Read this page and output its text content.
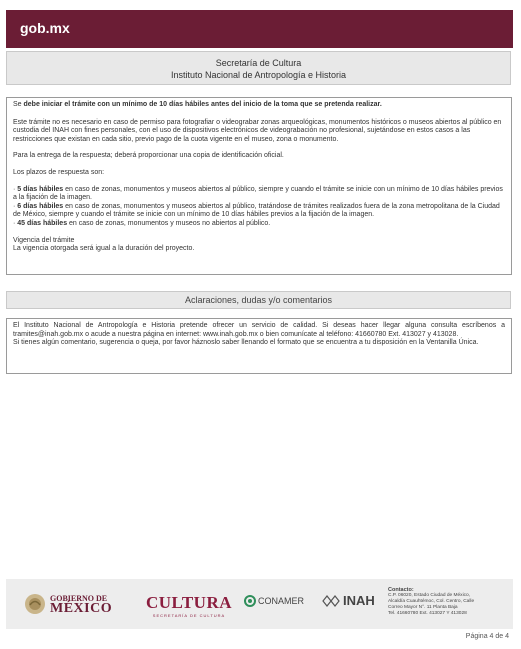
gob.mx
Secretaría de Cultura
Instituto Nacional de Antropología e Historia

Se debe iniciar el trámite con un mínimo de 10 días hábiles antes del inicio de la toma que se pretenda realizar.

Este trámite no es necesario en caso de permiso para fotografiar o videograbar zonas arqueológicas, monumentos históricos o museos abiertos al público en custodia del INAH con fines personales, con el uso de dispositivos electrónicos de videograbación no profesional, sujetándose en estos casos a las restricciones que existan en cada sitio, previo pago de la cuota vigente en el museo, zona o monumento.

Para la entrega de la respuesta; deberá proporcionar una copia de identificación oficial.

Los plazos de respuesta son:

· 5 días hábiles en caso de zonas, monumentos y museos abiertos al público, siempre y cuando el trámite se inicie con un mínimo de 10 días hábiles previos a la fijación de la imagen.
· 6 días hábiles en caso de zonas, monumentos y museos abiertos al público, tratándose de trámites realizados fuera de la zona metropolitana de la Ciudad de México, siempre y cuando el trámite se inicie con un mínimo de 10 días hábiles previos a la fijación de la imagen.
· 45 días hábiles en caso de zonas, monumentos y museos no abiertos al público.

Vigencia del trámite

La vigencia otorgada será igual a la duración del proyecto.

Aclaraciones, dudas y/o comentarios

El Instituto Nacional de Antropología e Historia pretende ofrecer un servicio de calidad. Si deseas hacer llegar alguna consulta escríbenos a tramites@inah.gob.mx o acude a nuestra página en internet: www.inah.gob.mx o bien comunícate al teléfono: 41660780 Ext. 413027 y 413028.

Si tienes algún comentario, sugerencia o queja, por favor háznoslo saber llenando el formato que se encuentra a tu disposición en la Ventanilla Única.

GOBIERNO DE
MÉXICO CULTURA
SECRETARÍA DE CULTURA
CONAMER	INAH
Contacto:
C.P. 06020, Estado Ciudad de México,
Alcaldía Cuauhtémoc, Col. Centro, Calle
Correo Mayor N°. 11 Planta Baja
Tel. 41660780 Ext. 413027 Y 413028
Página 4 de 4
